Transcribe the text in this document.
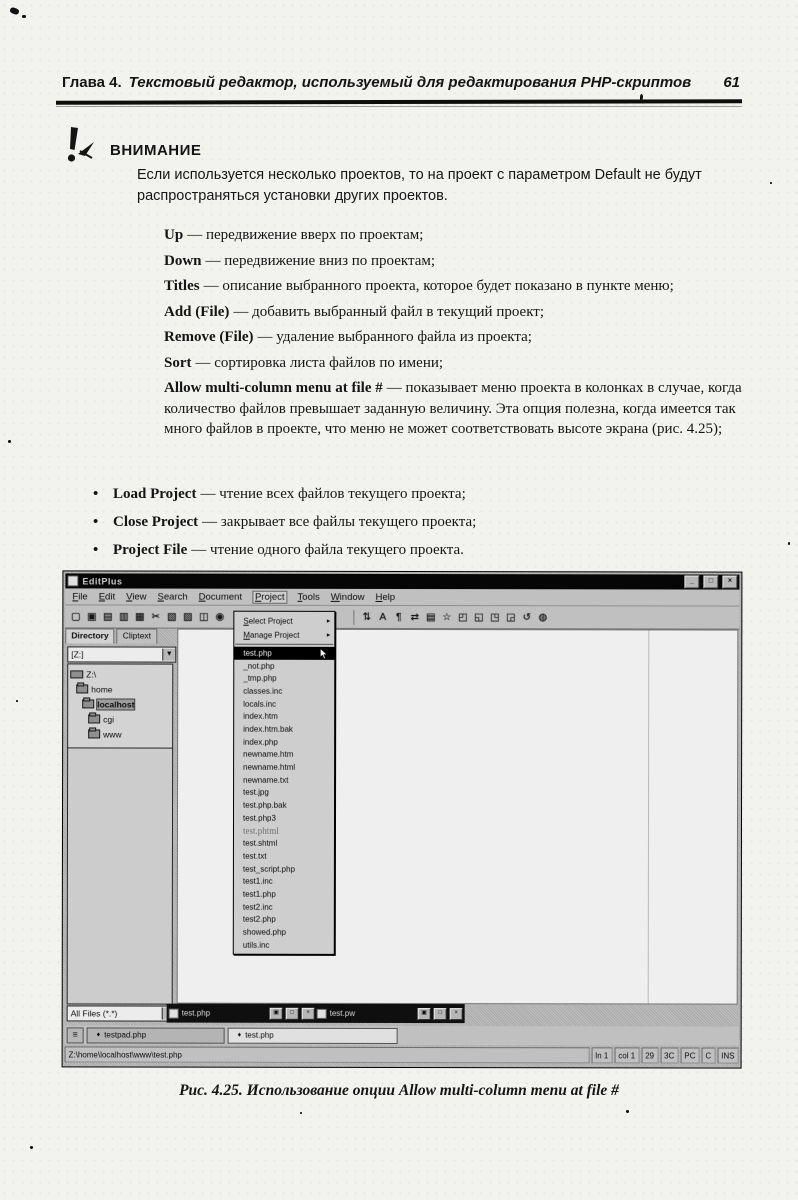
Глава 4. Текстовый редактор, используемый для редактирования PHP-скриптов	61
ВНИМАНИЕ
Если используется несколько проектов, то на проект с параметром Default не будут распространяться установки других проектов.
Up — передвижение вверх по проектам;
Down — передвижение вниз по проектам;
Titles — описание выбранного проекта, которое будет показано в пункте меню;
Add (File) — добавить выбранный файл в текущий проект;
Remove (File) — удаление выбранного файла из проекта;
Sort — сортировка листа файлов по имени;
Allow multi-column menu at file # — показывает меню проекта в колонках в случае, когда количество файлов превышает заданную величину. Эта опция полезна, когда имеется так много файлов в проекте, что меню не может соответствовать высоте экрана (рис. 4.25);
• Load Project — чтение всех файлов текущего проекта;
• Close Project — закрывает все файлы текущего проекта;
• Project File — чтение одного файла текущего проекта.
EditPlus	_	□	×
File Edit View Search Document Project Tools Window Help
▢ ▣ ▤ ▥ ▦ ✂ ▧ ▨ ◫ ◉	⇅ A ¶ ⇄ ▤ ☆ ◰ ◱ ◳ ◲ ↺ ◍
Directory	Cliptext
[Z:]	▼
Z:\
home
localhost
cgi
www
All Files (*.*)
Select Project	▸
Manage Project	▸
test.php
_not.php
_tmp.php
classes.inc
locals.inc
index.htm
index.htm.bak
index.php
newname.htm
newname.html
newname.txt
test.jpg
test.php.bak
test.php3
test.phtml
test.shtml
test.txt
test_script.php
test1.inc
test1.php
test2.inc
test2.php
showed.php
utils.inc
test.php	▣	□	×	test.pw	▣	□	×
≡	♦ testpad.php	♦ test.php
Z:\home\localhost\www\test.php	ln 1	col 1	29	3C	PC	C	INS
Рис. 4.25. Использование опции Allow multi-column menu at file #
